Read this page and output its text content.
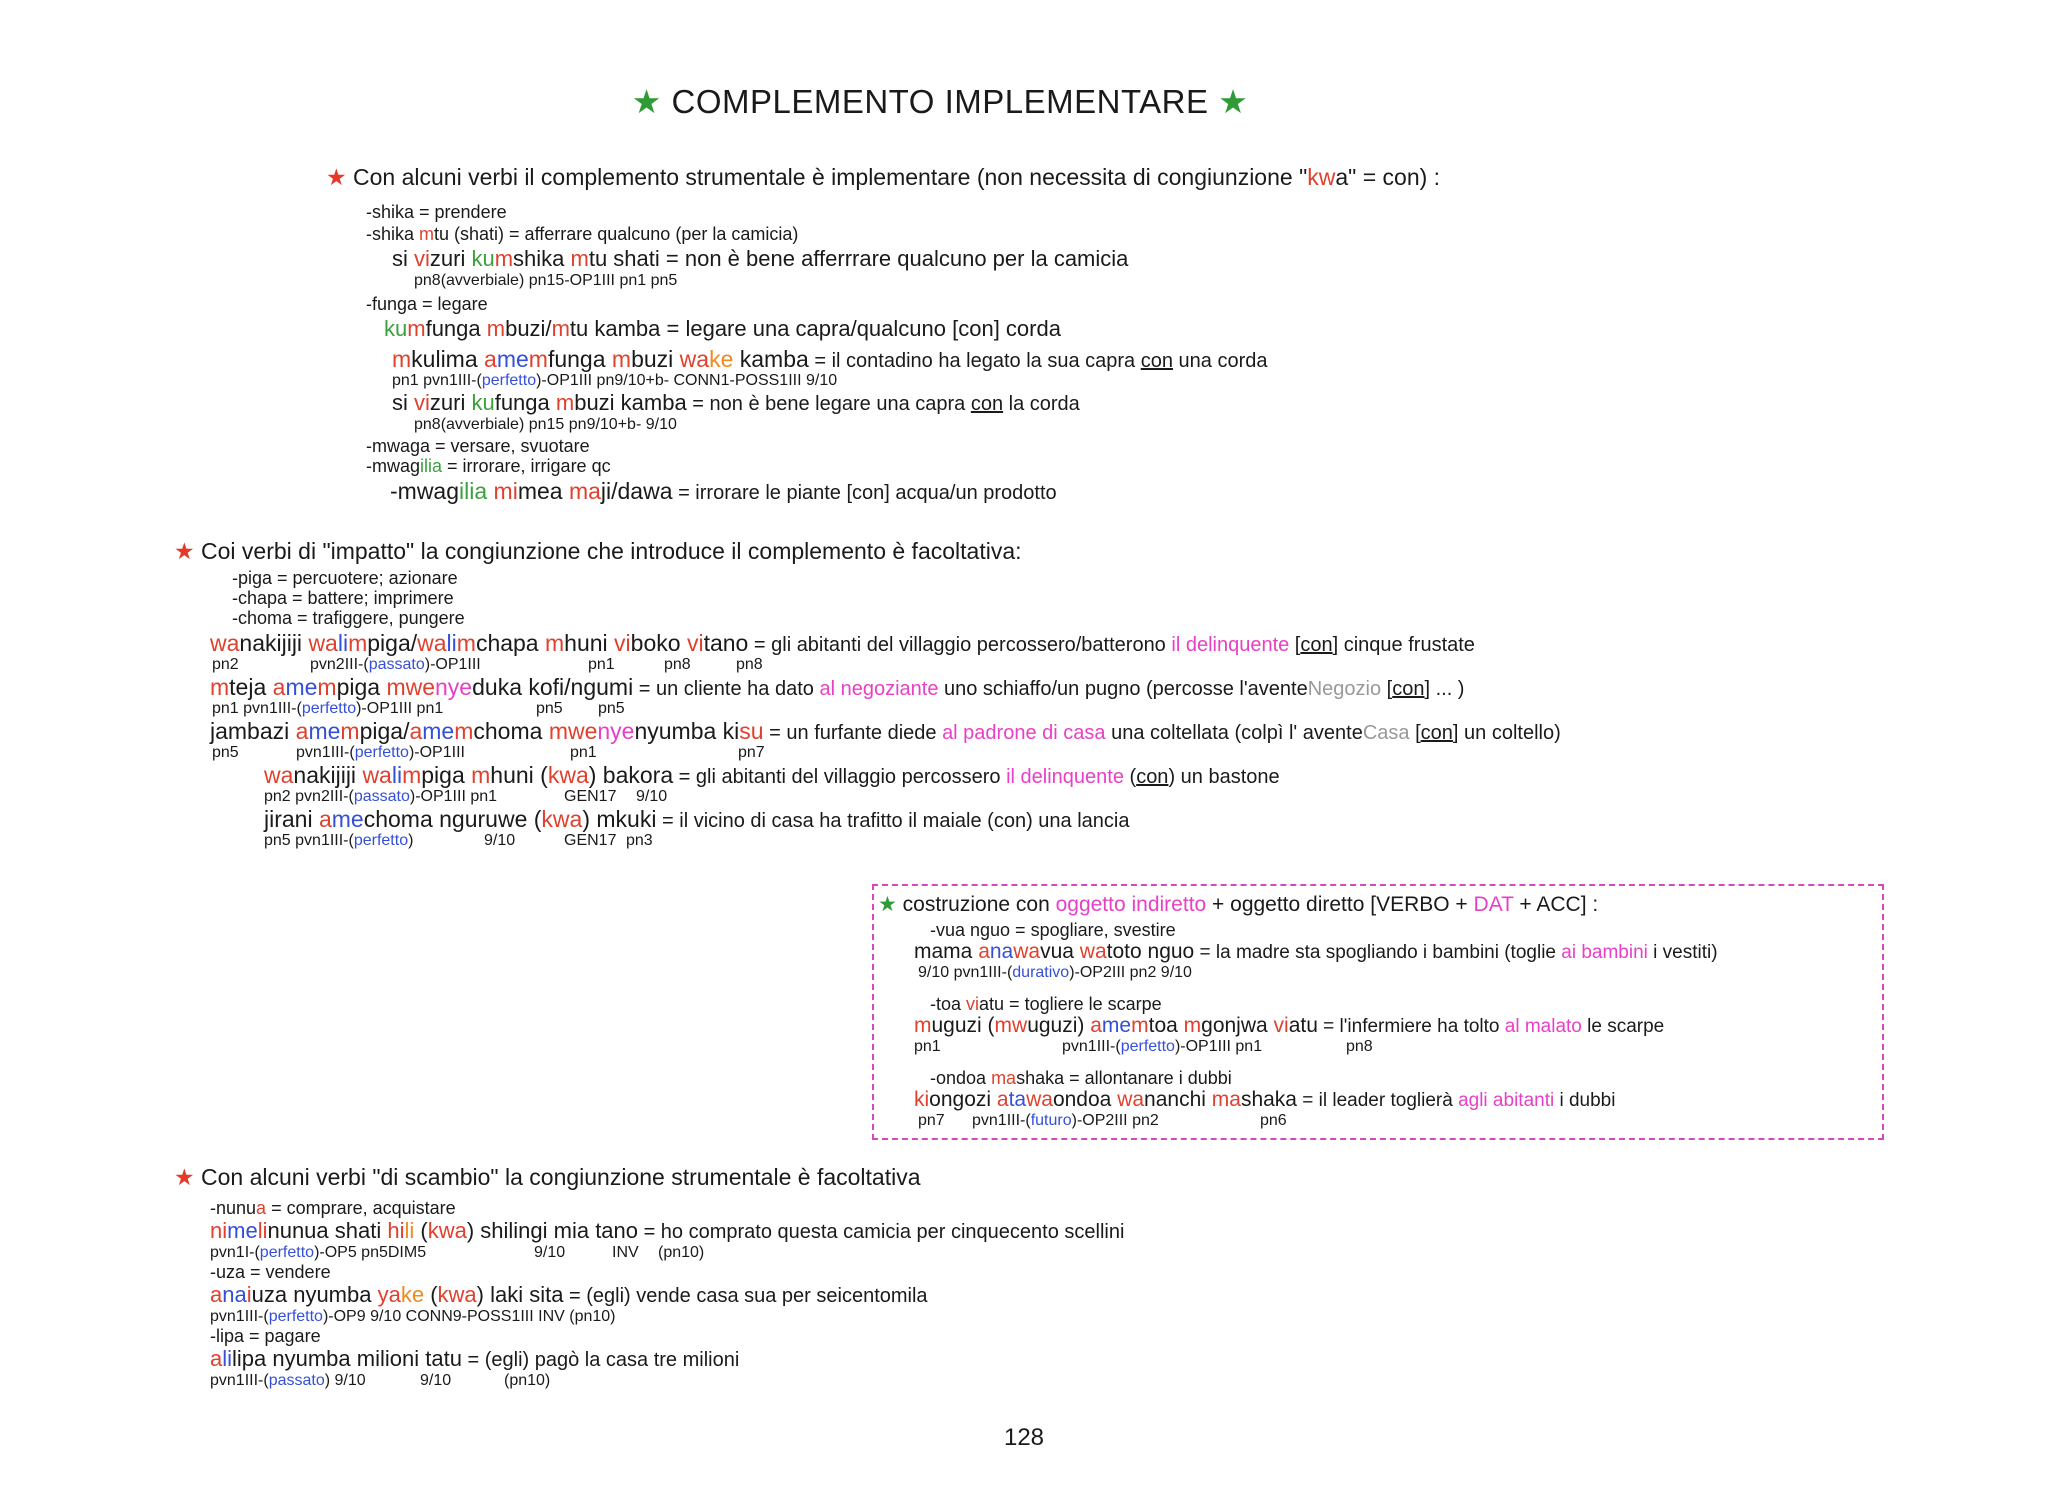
★ COMPLEMENTO IMPLEMENTARE ★
★ Con alcuni verbi il complemento strumentale è implementare (non necessita di congiunzione "kwa" = con) :
-shika = prendere
-shika mtu (shati) = afferrare qualcuno (per la camicia)
si vizuri kumshika mtu shati = non è bene afferrrare qualcuno per la camicia
pn8(avverbiale) pn15-OP1III pn1 pn5
-funga = legare
kumfunga mbuzi/mtu kamba = legare una capra/qualcuno [con] corda
mkulima amemfunga mbuzi wake kamba = il contadino ha legato la sua capra con una corda
pn1 pvn1III-(perfetto)-OP1III pn9/10+b- CONN1-POSS1III 9/10
si vizuri kufunga mbuzi kamba = non è bene legare una capra con la corda
pn8(avverbiale) pn15 pn9/10+b- 9/10
-mwaga = versare, svuotare
-mwagilia = irrorare, irrigare qc
-mwagilia mimea maji/dawa = irrorare le piante [con] acqua/un prodotto
★ Coi verbi di "impatto" la congiunzione che introduce il complemento è facoltativa:
-piga = percuotere; azionare
-chapa = battere; imprimere
-choma = trafiggere, pungere
wanakijiji walimpiga/walimchapa mhuni viboko vitano = gli abitanti del villaggio percossero/batterono il delinquente [con] cinque frustate
pn2	pvn2III-(passato)-OP1III	pn1	pn8	pn8
mteja amempiga mwenyeduka kofi/ngumi = un cliente ha dato al negoziante uno schiaffo/un pugno (percosse l'aventeNegozio [con] ... )
pn1 pvn1III-(perfetto)-OP1III pn1	pn5 pn5
jambazi amempiga/amemchoma mwenyenyumba kisu = un furfante diede al padrone di casa una coltellata (colpì l' aventeCasa [con] un coltello)
pn5	pvn1III-(perfetto)-OP1III	pn1	pn7
wanakijiji walimpiga mhuni (kwa) bakora = gli abitanti del villaggio percossero il delinquente (con) un bastone
pn2 pvn2III-(passato)-OP1III pn1	GEN17 9/10
jirani amechoma nguruwe (kwa) mkuki = il vicino di casa ha trafitto il maiale (con) una lancia
pn5 pvn1III-(perfetto)	9/10	GEN17 pn3
★ costruzione con oggetto indiretto + oggetto diretto [VERBO + DAT + ACC] :
-vua nguo = spogliare, svestire
mama anawavua watoto nguo = la madre sta spogliando i bambini (toglie ai bambini i vestiti)
9/10 pvn1III-(durativo)-OP2III pn2 9/10
-toa viatu = togliere le scarpe
muguzi (mwuguzi) amemtoa mgonjwa viatu = l'infermiere ha tolto al malato le scarpe
pn1	pvn1III-(perfetto)-OP1III pn1	pn8
-ondoa mashaka = allontanare i dubbi
kiongozi atawaondoa wananchi mashaka = il leader toglierà agli abitanti i dubbi
pn7 pvn1III-(futuro)-OP2III pn2	pn6
★ Con alcuni verbi "di scambio" la congiunzione strumentale è facoltativa
-nunua = comprare, acquistare
nimelinunua shati hili (kwa) shilingi mia tano = ho comprato questa camicia per cinquecento scellini
pvn1I-(perfetto)-OP5 pn5DIM5	9/10	INV (pn10)
-uza = vendere
anaiuza nyumba yake (kwa) laki sita = (egli) vende casa sua per seicentomila
pvn1III-(perfetto)-OP9 9/10 CONN9-POSS1III INV (pn10)
-lipa = pagare
alilipa nyumba milioni tatu = (egli) pagò la casa tre milioni
pvn1III-(passato) 9/10	9/10	(pn10)
128
